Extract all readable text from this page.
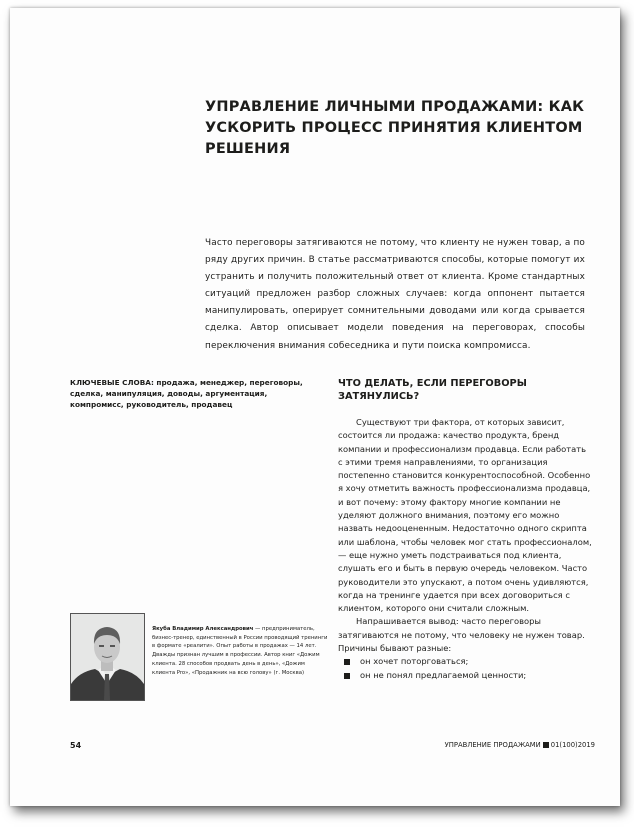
УПРАВЛЕНИЕ ЛИЧНЫМИ ПРОДАЖАМИ: КАК УСКОРИТЬ ПРОЦЕСС ПРИНЯТИЯ КЛИЕНТОМ РЕШЕНИЯ

Часто переговоры затягиваются не потому, что клиенту не нужен товар, а по ряду других причин. В статье рассматриваются способы, которые помогут их устранить и получить положительный ответ от клиента. Кроме стандартных ситуаций предложен разбор сложных случаев: когда оппонент пытается манипулировать, оперирует сомнительными доводами или когда срывается сделка. Автор описывает модели поведения на переговорах, способы переключения внимания собеседника и пути поиска компромисса.

КЛЮЧЕВЫЕ СЛОВА: продажа, менеджер, переговоры, сделка, манипуляция, доводы, аргументация, компромисс, руководитель, продавец

ЧТО ДЕЛАТЬ, ЕСЛИ ПЕРЕГОВОРЫ ЗАТЯНУЛИСЬ?

Существуют три фактора, от которых зависит, состоится ли продажа: качество продукта, бренд компании и профессионализм продавца. Если работать с этими тремя направлениями, то организация постепенно становится конкурентоспособной. Особенно я хочу отметить важность профессионализма продавца, и вот почему: этому фактору многие компании не уделяют должного внимания, поэтому его можно назвать недооцененным. Недостаточно одного скрипта или шаблона, чтобы человек мог стать профессионалом, — еще нужно уметь подстраиваться под клиента, слушать его и быть в первую очередь человеком. Часто руководители это упускают, а потом очень удивляются, когда на тренинге удается при всех договориться с клиентом, которого они считали сложным.

Напрашивается вывод: часто переговоры затягиваются не потому, что человеку не нужен товар. Причины бывают разные:

он хочет поторговаться;
он не понял предлагаемой ценности;

Якуба Владимир Александрович — предприниматель, бизнес-тренер, единственный в России проводящий тренинги в формате «реалити». Опыт работы в продажах — 14 лет. Дважды признан лучшим в профессии. Автор книг «Дожим клиента. 28 способов продвать день в день», «Дожим клиента Pro», «Продажник на всю голову» (г. Москва)

54	УПРАВЛЕНИЕ ПРОДАЖАМИ 01(100)2019
